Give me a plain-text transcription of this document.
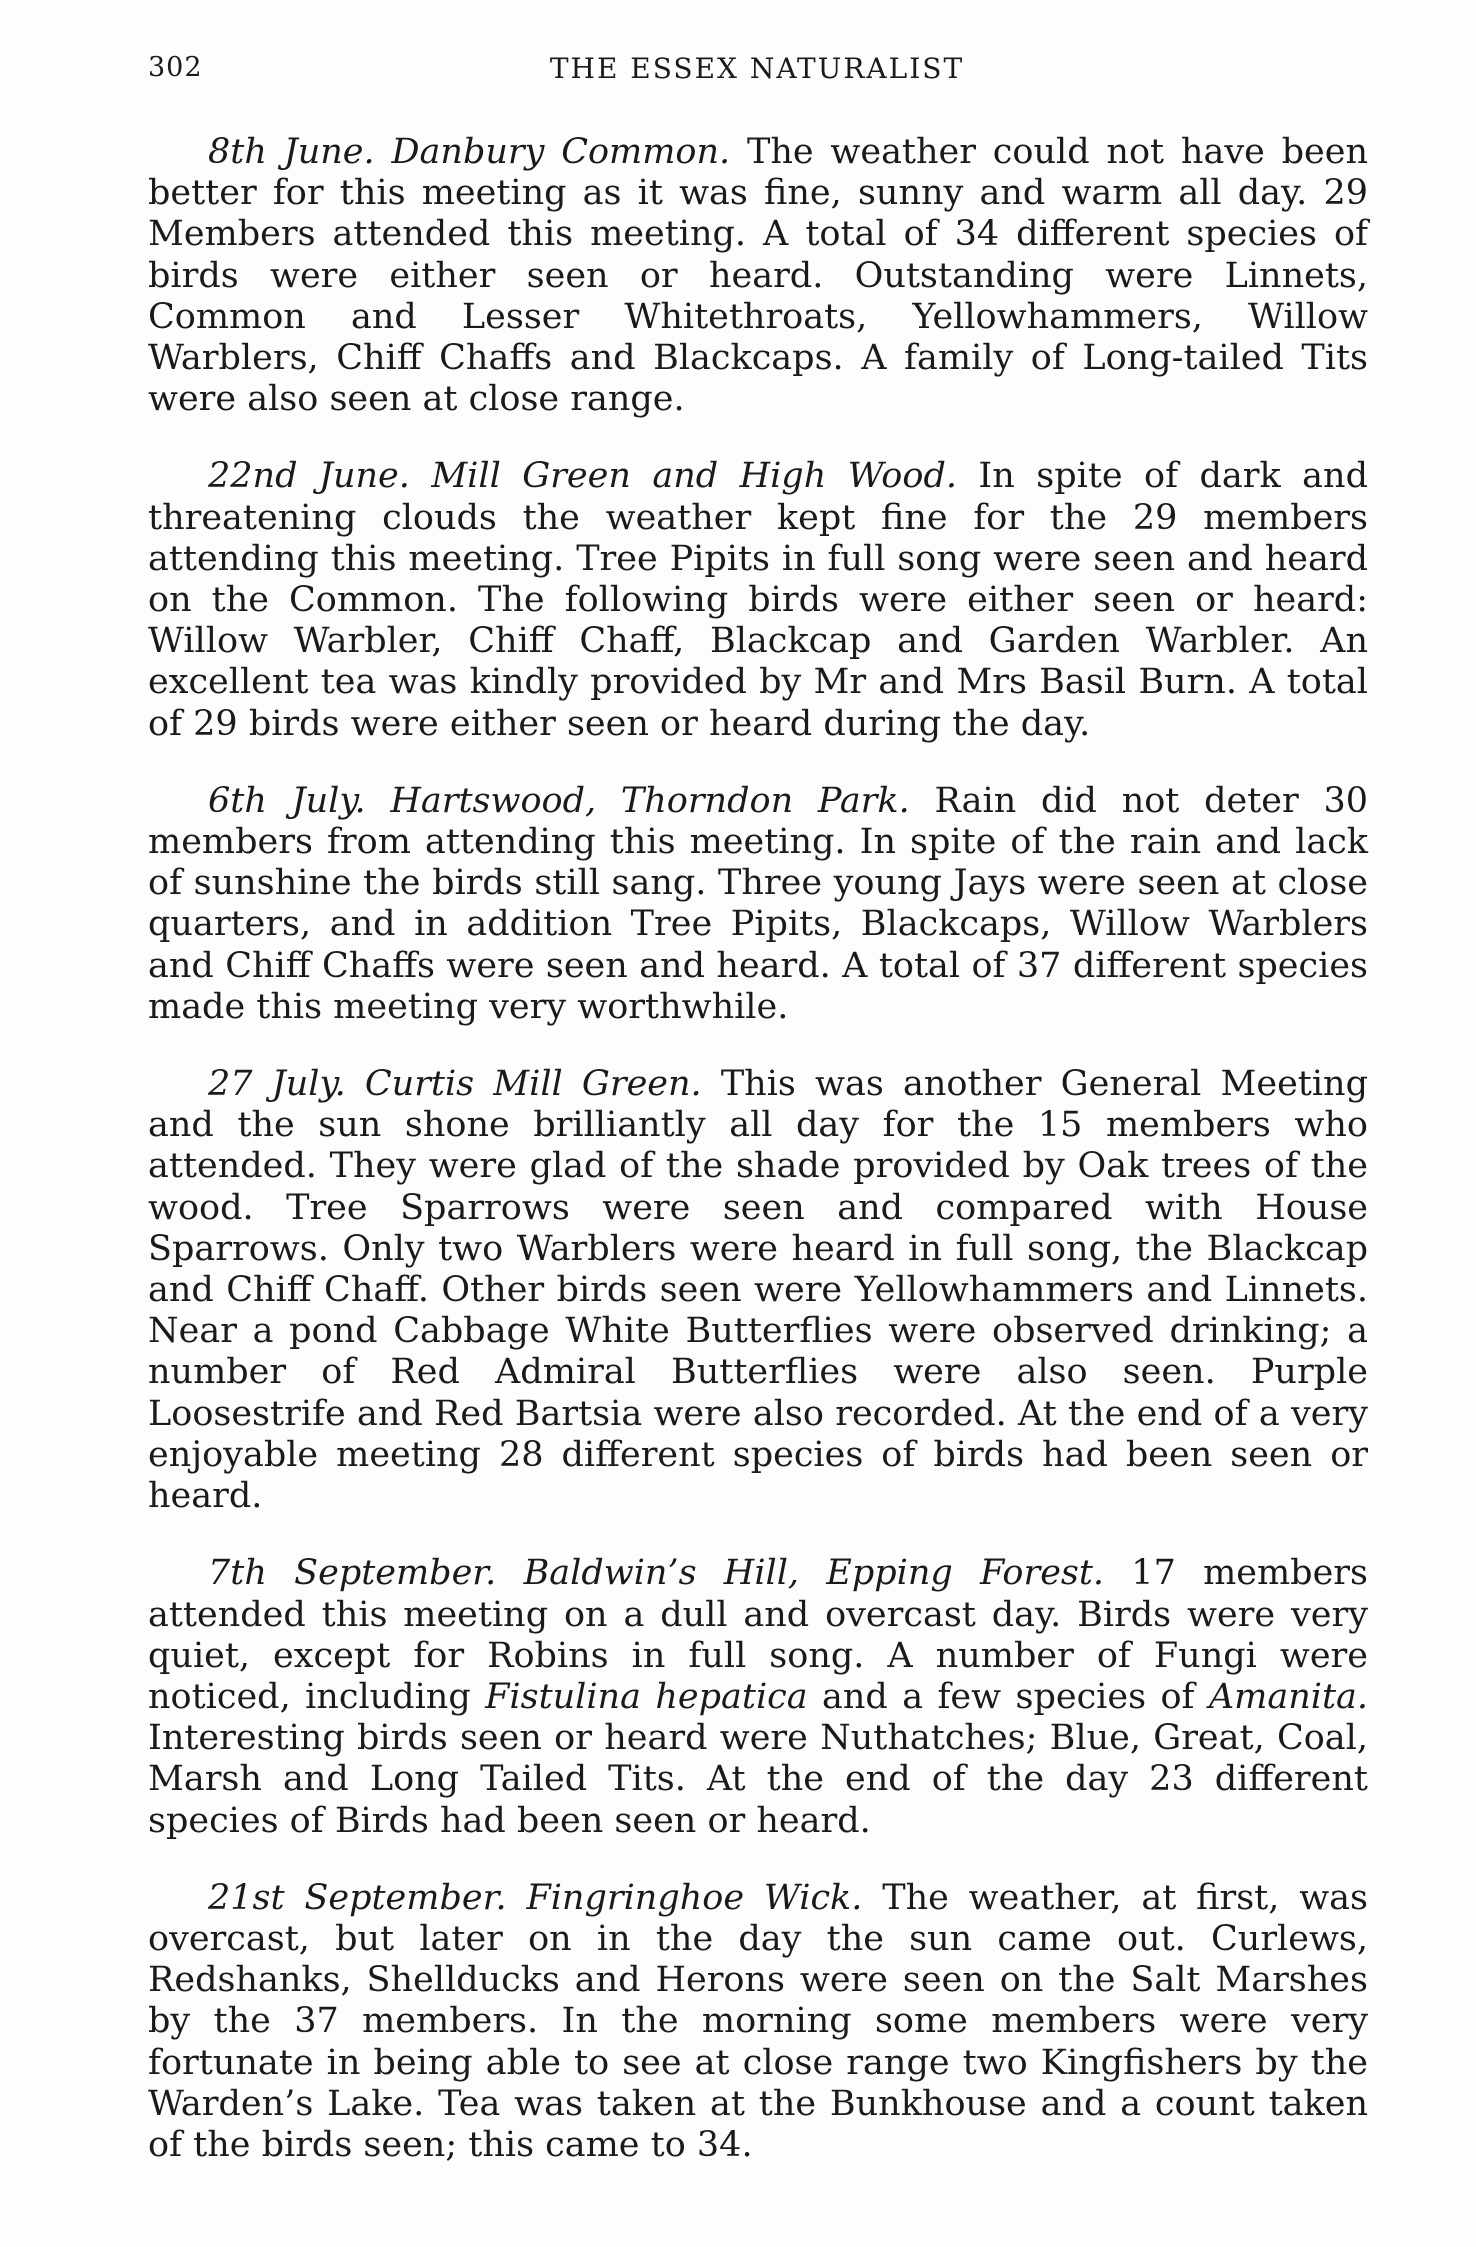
302	THE ESSEX NATURALIST

8th June. Danbury Common. The weather could not have been better for this meeting as it was fine, sunny and warm all day. 29 Members attended this meeting. A total of 34 different species of birds were either seen or heard. Outstanding were Linnets, Common and Lesser Whitethroats, Yellowhammers, Willow Warblers, Chiff Chaffs and Blackcaps. A family of Long-tailed Tits were also seen at close range.

22nd June. Mill Green and High Wood. In spite of dark and threatening clouds the weather kept fine for the 29 members attending this meeting. Tree Pipits in full song were seen and heard on the Common. The following birds were either seen or heard: Willow Warbler, Chiff Chaff, Blackcap and Garden Warbler. An excellent tea was kindly provided by Mr and Mrs Basil Burn. A total of 29 birds were either seen or heard during the day.

6th July. Hartswood, Thorndon Park. Rain did not deter 30 members from attending this meeting. In spite of the rain and lack of sunshine the birds still sang. Three young Jays were seen at close quarters, and in addition Tree Pipits, Blackcaps, Willow Warblers and Chiff Chaffs were seen and heard. A total of 37 different species made this meeting very worthwhile.

27 July. Curtis Mill Green. This was another General Meeting and the sun shone brilliantly all day for the 15 members who attended. They were glad of the shade provided by Oak trees of the wood. Tree Sparrows were seen and compared with House Sparrows. Only two Warblers were heard in full song, the Blackcap and Chiff Chaff. Other birds seen were Yellowhammers and Linnets. Near a pond Cabbage White Butterflies were observed drinking; a number of Red Admiral Butterflies were also seen. Purple Loosestrife and Red Bartsia were also recorded. At the end of a very enjoyable meeting 28 different species of birds had been seen or heard.

7th September. Baldwin’s Hill, Epping Forest. 17 members attended this meeting on a dull and overcast day. Birds were very quiet, except for Robins in full song. A number of Fungi were noticed, including Fistulina hepatica and a few species of Amanita. Interesting birds seen or heard were Nuthatches; Blue, Great, Coal, Marsh and Long Tailed Tits. At the end of the day 23 different species of Birds had been seen or heard.

21st September. Fingringhoe Wick. The weather, at first, was overcast, but later on in the day the sun came out. Curlews, Redshanks, Shellducks and Herons were seen on the Salt Marshes by the 37 members. In the morning some members were very fortunate in being able to see at close range two Kingfishers by the Warden’s Lake. Tea was taken at the Bunkhouse and a count taken of the birds seen; this came to 34.
